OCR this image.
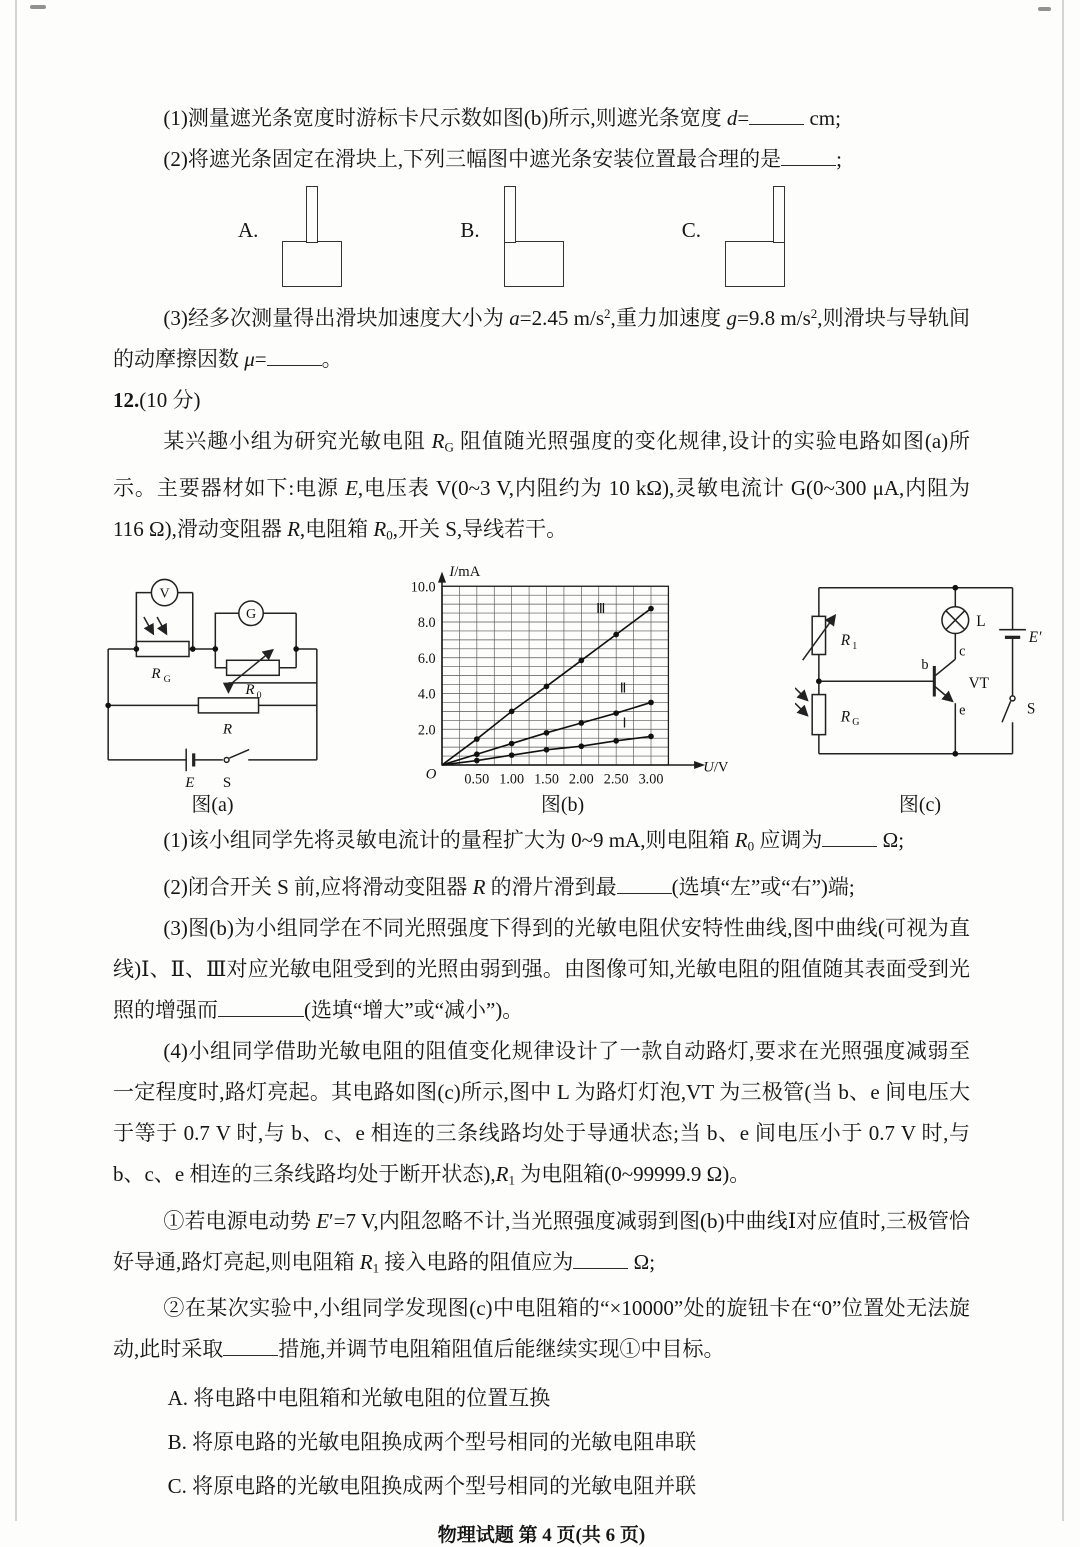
(1)测量遮光条宽度时游标卡尺示数如图(b)所示,则遮光条宽度 d=	cm;

(2)将遮光条固定在滑块上,下列三幅图中遮光条安装位置最合理的是	;

A.	B.	C.

(3)经多次测量得出滑块加速度大小为 a=2.45 $m/s^2$,重力加速度 g=9.8 $m/s^2$,则滑块与导轨间的动摩擦因数 μ=	。

12.(10 分)

某兴趣小组为研究光敏电阻 $R_G$ 阻值随光照强度的变化规律,设计的实验电路如图(a)所示。主要器材如下:电源 E,电压表 V(0~3 V,内阻约为 10 kΩ),灵敏电流计 G(0~300 μA,内阻为 116 Ω),滑动变阻器 R,电阻箱 $R_0$,开关 S,导线若干。

V
G
R G
R 0
R
E S
图(a)
I/mA
U/V
O 0.50 1.00 1.50 2.00 2.50 3.00
2.0
4.0
6.0
8.0
10.0
Ⅰ
Ⅱ
Ⅲ
图(b)
R 1
R G
L
b
c
e
VT
E′
S
图(c)

(1)该小组同学先将灵敏电流计的量程扩大为 0~9 mA,则电阻箱 $R_0$ 应调为	Ω;

(2)闭合开关 S 前,应将滑动变阻器 R 的滑片滑到最	(选填“左”或“右”)端;

(3)图(b)为小组同学在不同光照强度下得到的光敏电阻伏安特性曲线,图中曲线(可视为直线)Ⅰ、Ⅱ、Ⅲ对应光敏电阻受到的光照由弱到强。由图像可知,光敏电阻的阻值随其表面受到光照的增强而	(选填“增大”或“减小”)。

(4)小组同学借助光敏电阻的阻值变化规律设计了一款自动路灯,要求在光照强度减弱至一定程度时,路灯亮起。其电路如图(c)所示,图中 L 为路灯灯泡,VT 为三极管(当 b、e 间电压大于等于 0.7 V 时,与 b、c、e 相连的三条线路均处于导通状态;当 b、e 间电压小于 0.7 V 时,与 b、c、e 相连的三条线路均处于断开状态)$,R_1$ 为电阻箱(0~99999.9 Ω)。

①若电源电动势 E′=7 V,内阻忽略不计,当光照强度减弱到图(b)中曲线Ⅰ对应值时,三极管恰好导通,路灯亮起,则电阻箱 $R_1$ 接入电路的阻值应为	Ω;

②在某次实验中,小组同学发现图(c)中电阻箱的“×10000”处的旋钮卡在“0”位置处无法旋动,此时采取	措施,并调节电阻箱阻值后能继续实现①中目标。

A. 将电路中电阻箱和光敏电阻的位置互换

B. 将原电路的光敏电阻换成两个型号相同的光敏电阻串联

C. 将原电路的光敏电阻换成两个型号相同的光敏电阻并联

物理试题 第 4 页(共 6 页)
